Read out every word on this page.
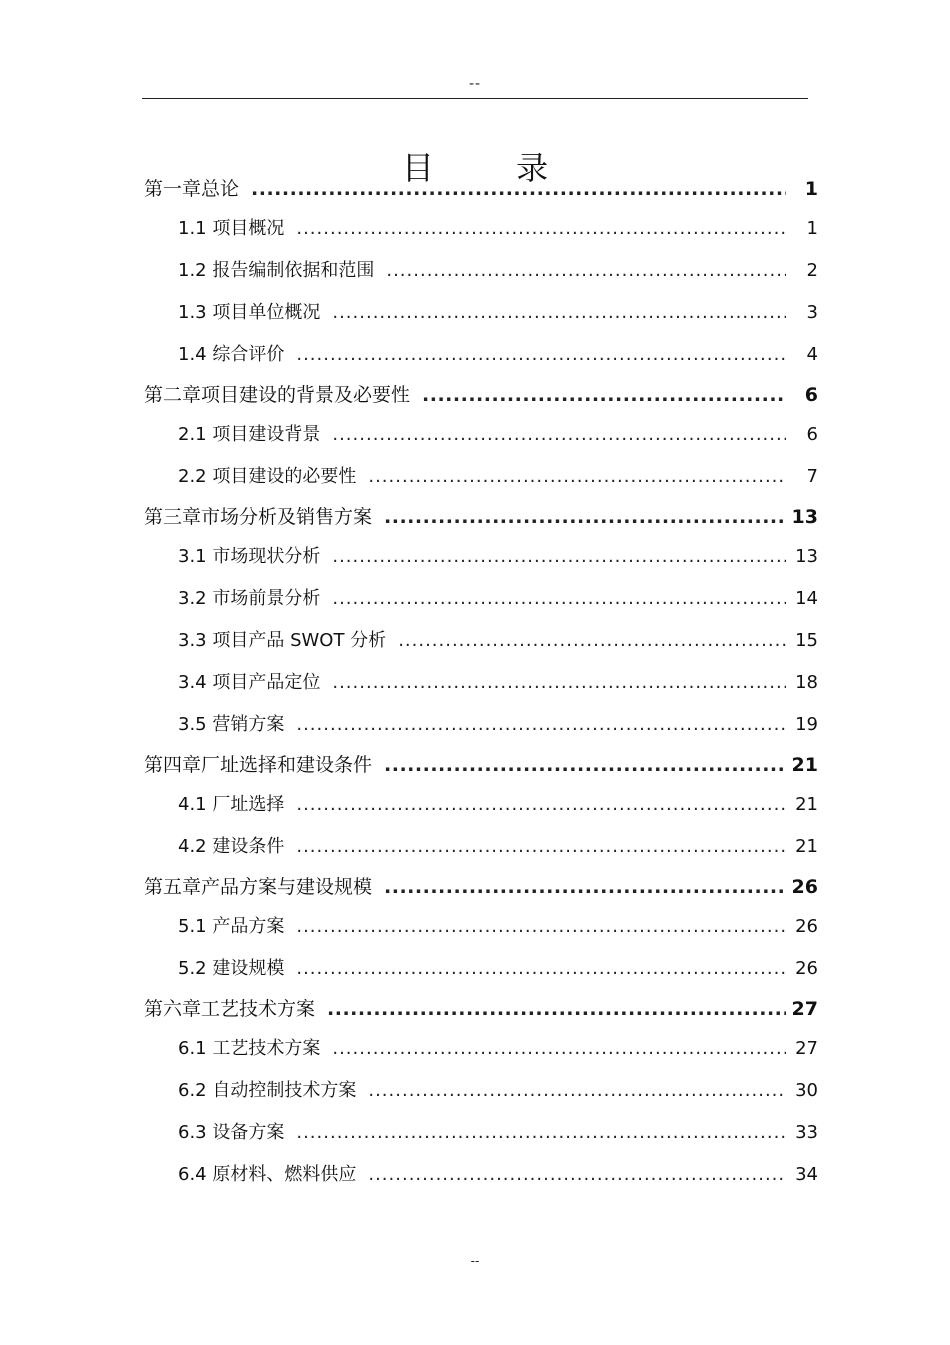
--
目 录
第一章 总论 .....	1
1.1 项目概况 .....	1
1.2 报告编制依据和范围 .....	2
1.3 项目单位概况 .....	3
1.4 综合评价 .....	4
第二章 项目建设的背景及必要性 .....	6
2.1 项目建设背景 .....	6
2.2 项目建设的必要性 .....	7
第三章 市场分析及销售方案 .....	13
3.1 市场现状分析 .....	13
3.2 市场前景分析 .....	14
3.3 项目产品 SWOT 分析 .....	15
3.4 项目产品定位 .....	18
3.5 营销方案 .....	19
第四章 厂址选择和建设条件 .....	21
4.1 厂址选择 .....	21
4.2 建设条件 .....	21
第五章 产品方案与建设规模 .....	26
5.1 产品方案 .....	26
5.2 建设规模 .....	26
第六章 工艺技术方案 .....	27
6.1 工艺技术方案 .....	27
6.2 自动控制技术方案 .....	30
6.3 设备方案 .....	33
6.4 原材料、燃料供应 .....	34
--
